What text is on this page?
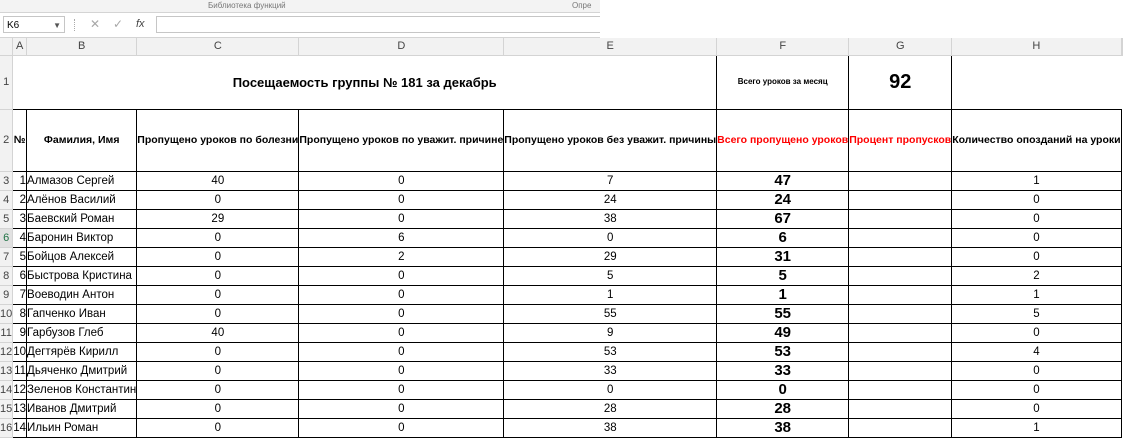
Библиотека функций	Опре
K6	▼ ✕ ✓ fx
	A	B	C	D	E	F	G	H	
1	Посещаемость группы № 181 за декабрь					Всего уроков за месяц	92		
2	№	Фамилия, Имя	Пропущено уроков по болезни	Пропущено уроков по уважит. причине	Пропущено уроков без уважит. причины	Всего пропущено уроков	Процент пропусков	Количество опозданий на уроки	
3	1	Алмазов Сергей	40	0	7	47		1	
4	2	Алёнов Василий	0	0	24	24		0	
5	3	Баевский Роман	29	0	38	67		0	
6	4	Баронин Виктор	0	6	0	6		0	
7	5	Бойцов Алексей	0	2	29	31		0	
8	6	Быстрова Кристина	0	0	5	5		2	
9	7	Воеводин Антон	0	0	1	1		1	
10	8	Гапченко Иван	0	0	55	55		5	
11	9	Гарбузов Глеб	40	0	9	49		0	
12	10	Дегтярёв Кирилл	0	0	53	53		4	
13	11	Дьяченко Дмитрий	0	0	33	33		0	
14	12	Зеленов Константин	0	0	0	0		0	
15	13	Иванов Дмитрий	0	0	28	28		0	
16	14	Ильин Роман	0	0	38	38		1	
